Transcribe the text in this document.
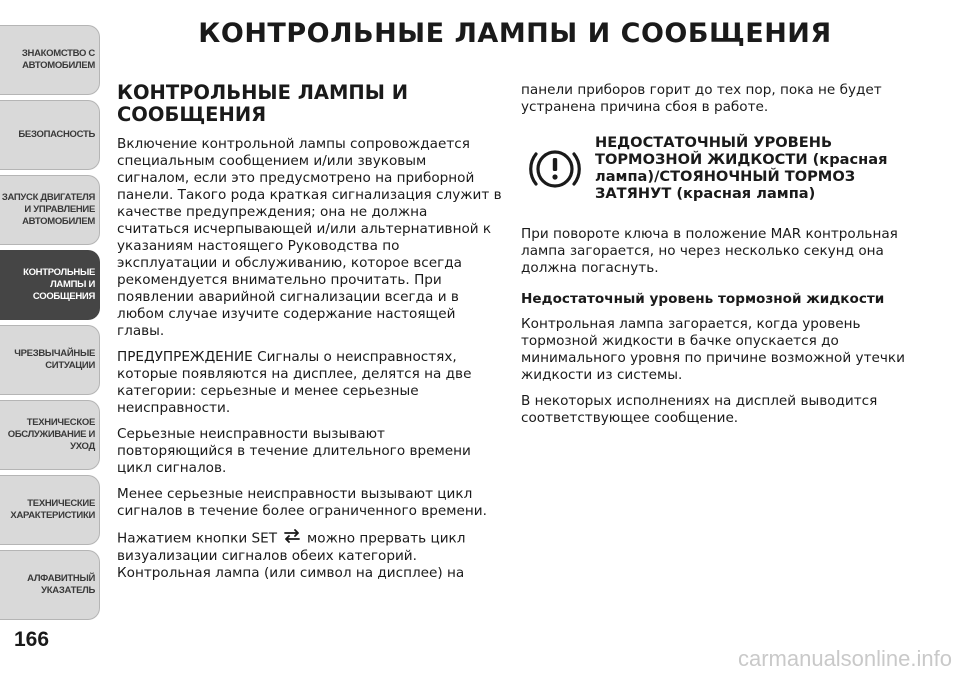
ЗНАКОМСТВО С
АВТОМОБИЛЕМ
БЕЗОПАСНОСТЬ
ЗАПУСК ДВИГАТЕЛЯ
И УПРАВЛЕНИЕ
АВТОМОБИЛЕМ
КОНТРОЛЬНЫЕ
ЛАМПЫ И
СООБЩЕНИЯ
ЧРЕЗВЫЧАЙНЫЕ
СИТУАЦИИ
ТЕХНИЧЕСКОЕ
ОБСЛУЖИВАНИЕ И
УХОД
ТЕХНИЧЕСКИЕ
ХАРАКТЕРИСТИКИ
АЛФАВИТНЫЙ
УКАЗАТЕЛЬ
166
КОНТРОЛЬНЫЕ ЛАМПЫ И СООБЩЕНИЯ
КОНТРОЛЬНЫЕ ЛАМПЫ И СООБЩЕНИЯ

Включение контрольной лампы сопровождается специальным сообщением и/или звуковым сигналом, если это предусмотрено на приборной панели. Такого рода краткая сигнализация служит в качестве предупреждения; она не должна считаться исчерпывающей и/или альтернативной к указаниям настоящего Руководства по эксплуатации и обслуживанию, которое всегда рекомендуется внимательно прочитать. При появлении аварийной сигнализации всегда и в любом случае изучите содержание настоящей главы.

ПРЕДУПРЕЖДЕНИЕ Сигналы о неисправностях, которые появляются на дисплее, делятся на две категории: серьезные и менее серьезные неисправности.

Серьезные неисправности вызывают повторяющийся в течение длительного времени цикл сигналов.

Менее серьезные неисправности вызывают цикл сигналов в течение более ограниченного времени.

Нажатием кнопки SET можно прервать цикл визуализации сигналов обеих категорий. Контрольная лампа (или символ на дисплее) на

панели приборов горит до тех пор, пока не будет устранена причина сбоя в работе.

НЕДОСТАТОЧНЫЙ УРОВЕНЬ ТОРМОЗНОЙ ЖИДКОСТИ (красная лампа)/СТОЯНОЧНЫЙ ТОРМОЗ ЗАТЯНУТ (красная лампа)

При повороте ключа в положение MAR контрольная лампа загорается, но через несколько секунд она должна погаснуть.

Недостаточный уровень тормозной жидкости

Контрольная лампа загорается, когда уровень тормозной жидкости в бачке опускается до минимального уровня по причине возможной утечки жидкости из системы.

В некоторых исполнениях на дисплей выводится соответствующее сообщение.

carmanualsonline.info
